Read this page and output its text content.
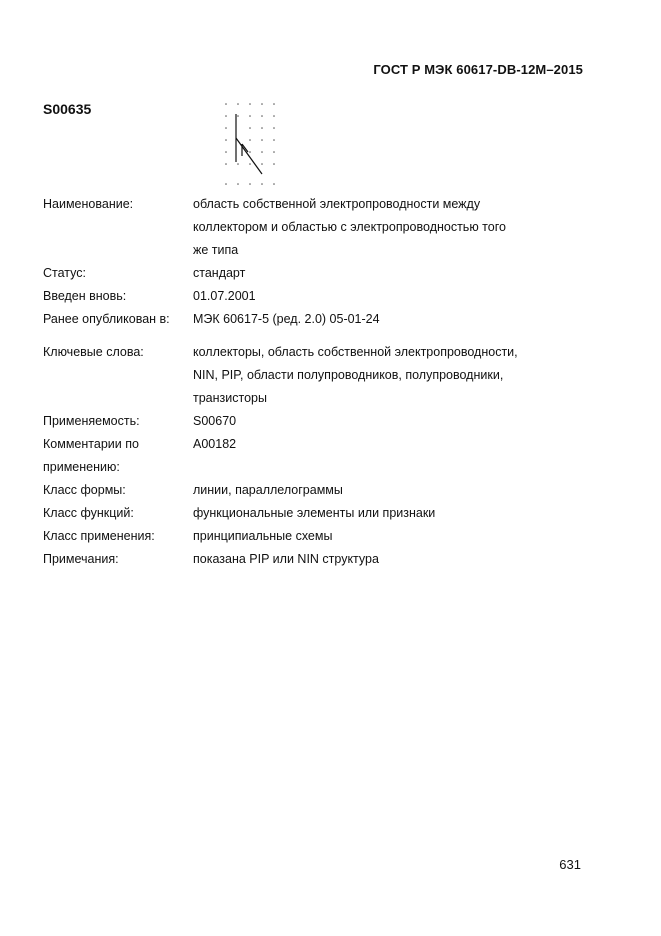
ГОСТ Р МЭК 60617-DB-12M–2015
S00635
Наименование:	область собственной электропроводности между
коллектором и областью с электропроводностью того
же типа
Статус:	стандарт
Введен вновь:	01.07.2001
Ранее опубликован в:	МЭК 60617-5 (ред. 2.0) 05-01-24
Ключевые слова:	коллекторы, область собственной электропроводности,
NIN, PIP, области полупроводников, полупроводники,
транзисторы
Применяемость:	S00670
Комментарии по
применению:
A00182
Класс формы:	линии, параллелограммы
Класс функций:	функциональные элементы или признаки
Класс применения:	принципиальные схемы
Примечания:	показана PIP или NIN структура
631
